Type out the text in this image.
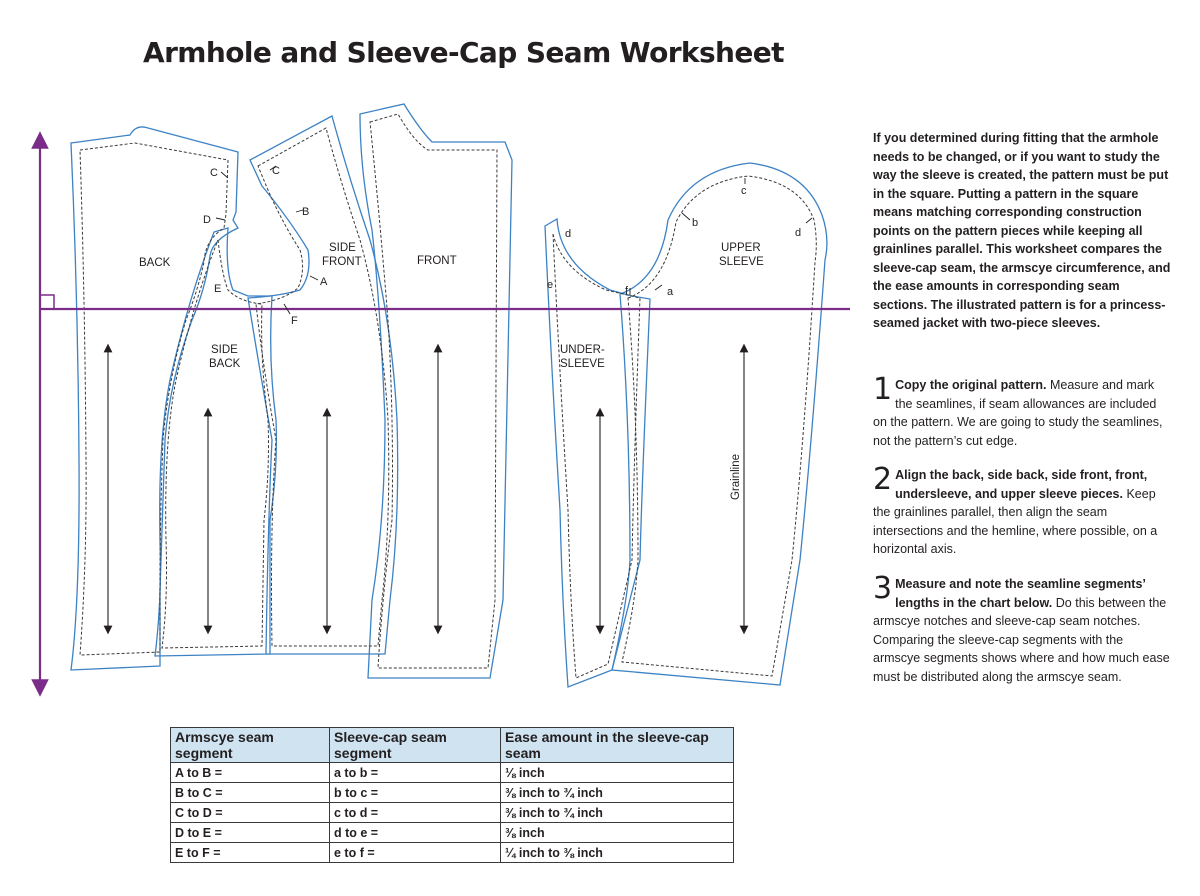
Armhole and Sleeve-Cap Seam Worksheet
BACK
SIDE
BACK
SIDE
FRONT	FRONT
UNDER-
SLEEVE
UPPER
SLEEVE
Grainline
A
B
C	C
D
E
F
a
b
c
d
d
e	f

If you determined during fitting that the armhole needs to be changed, or if you want to study the way the sleeve is created, the pattern must be put in the square. Putting a pattern in the square means matching corresponding construction points on the pattern pieces while keeping all grainlines parallel. This worksheet compares the sleeve-cap seam, the armscye circumference, and the ease amounts in corresponding seam sections. The illustrated pattern is for a princess-seamed jacket with two-piece sleeves.

1 Copy the original pattern. Measure and mark the seamlines, if seam allowances are included on the pattern. We are going to study the seamlines, not the pattern’s cut edge.
2 Align the back, side back, side front, front, undersleeve, and upper sleeve pieces. Keep the grainlines parallel, then align the seam intersections and the hemline, where possible, on a horizontal axis.
3 Measure and note the seamline segments’ lengths in the chart below. Do this between the armscye notches and sleeve-cap seam notches. Comparing the sleeve-cap segments with the armscye segments shows where and how much ease must be distributed along the armscye seam.
Armscye seam segment	Sleeve-cap seam segment	Ease amount in the sleeve-cap seam
A to B =	a to b =	⅛ inch
B to C =	b to c =	⅜ inch to ¾ inch
C to D =	c to d =	⅜ inch to ¾ inch
D to E =	d to e =	⅜ inch
E to F =	e to f =	¼ inch to ⅜ inch
